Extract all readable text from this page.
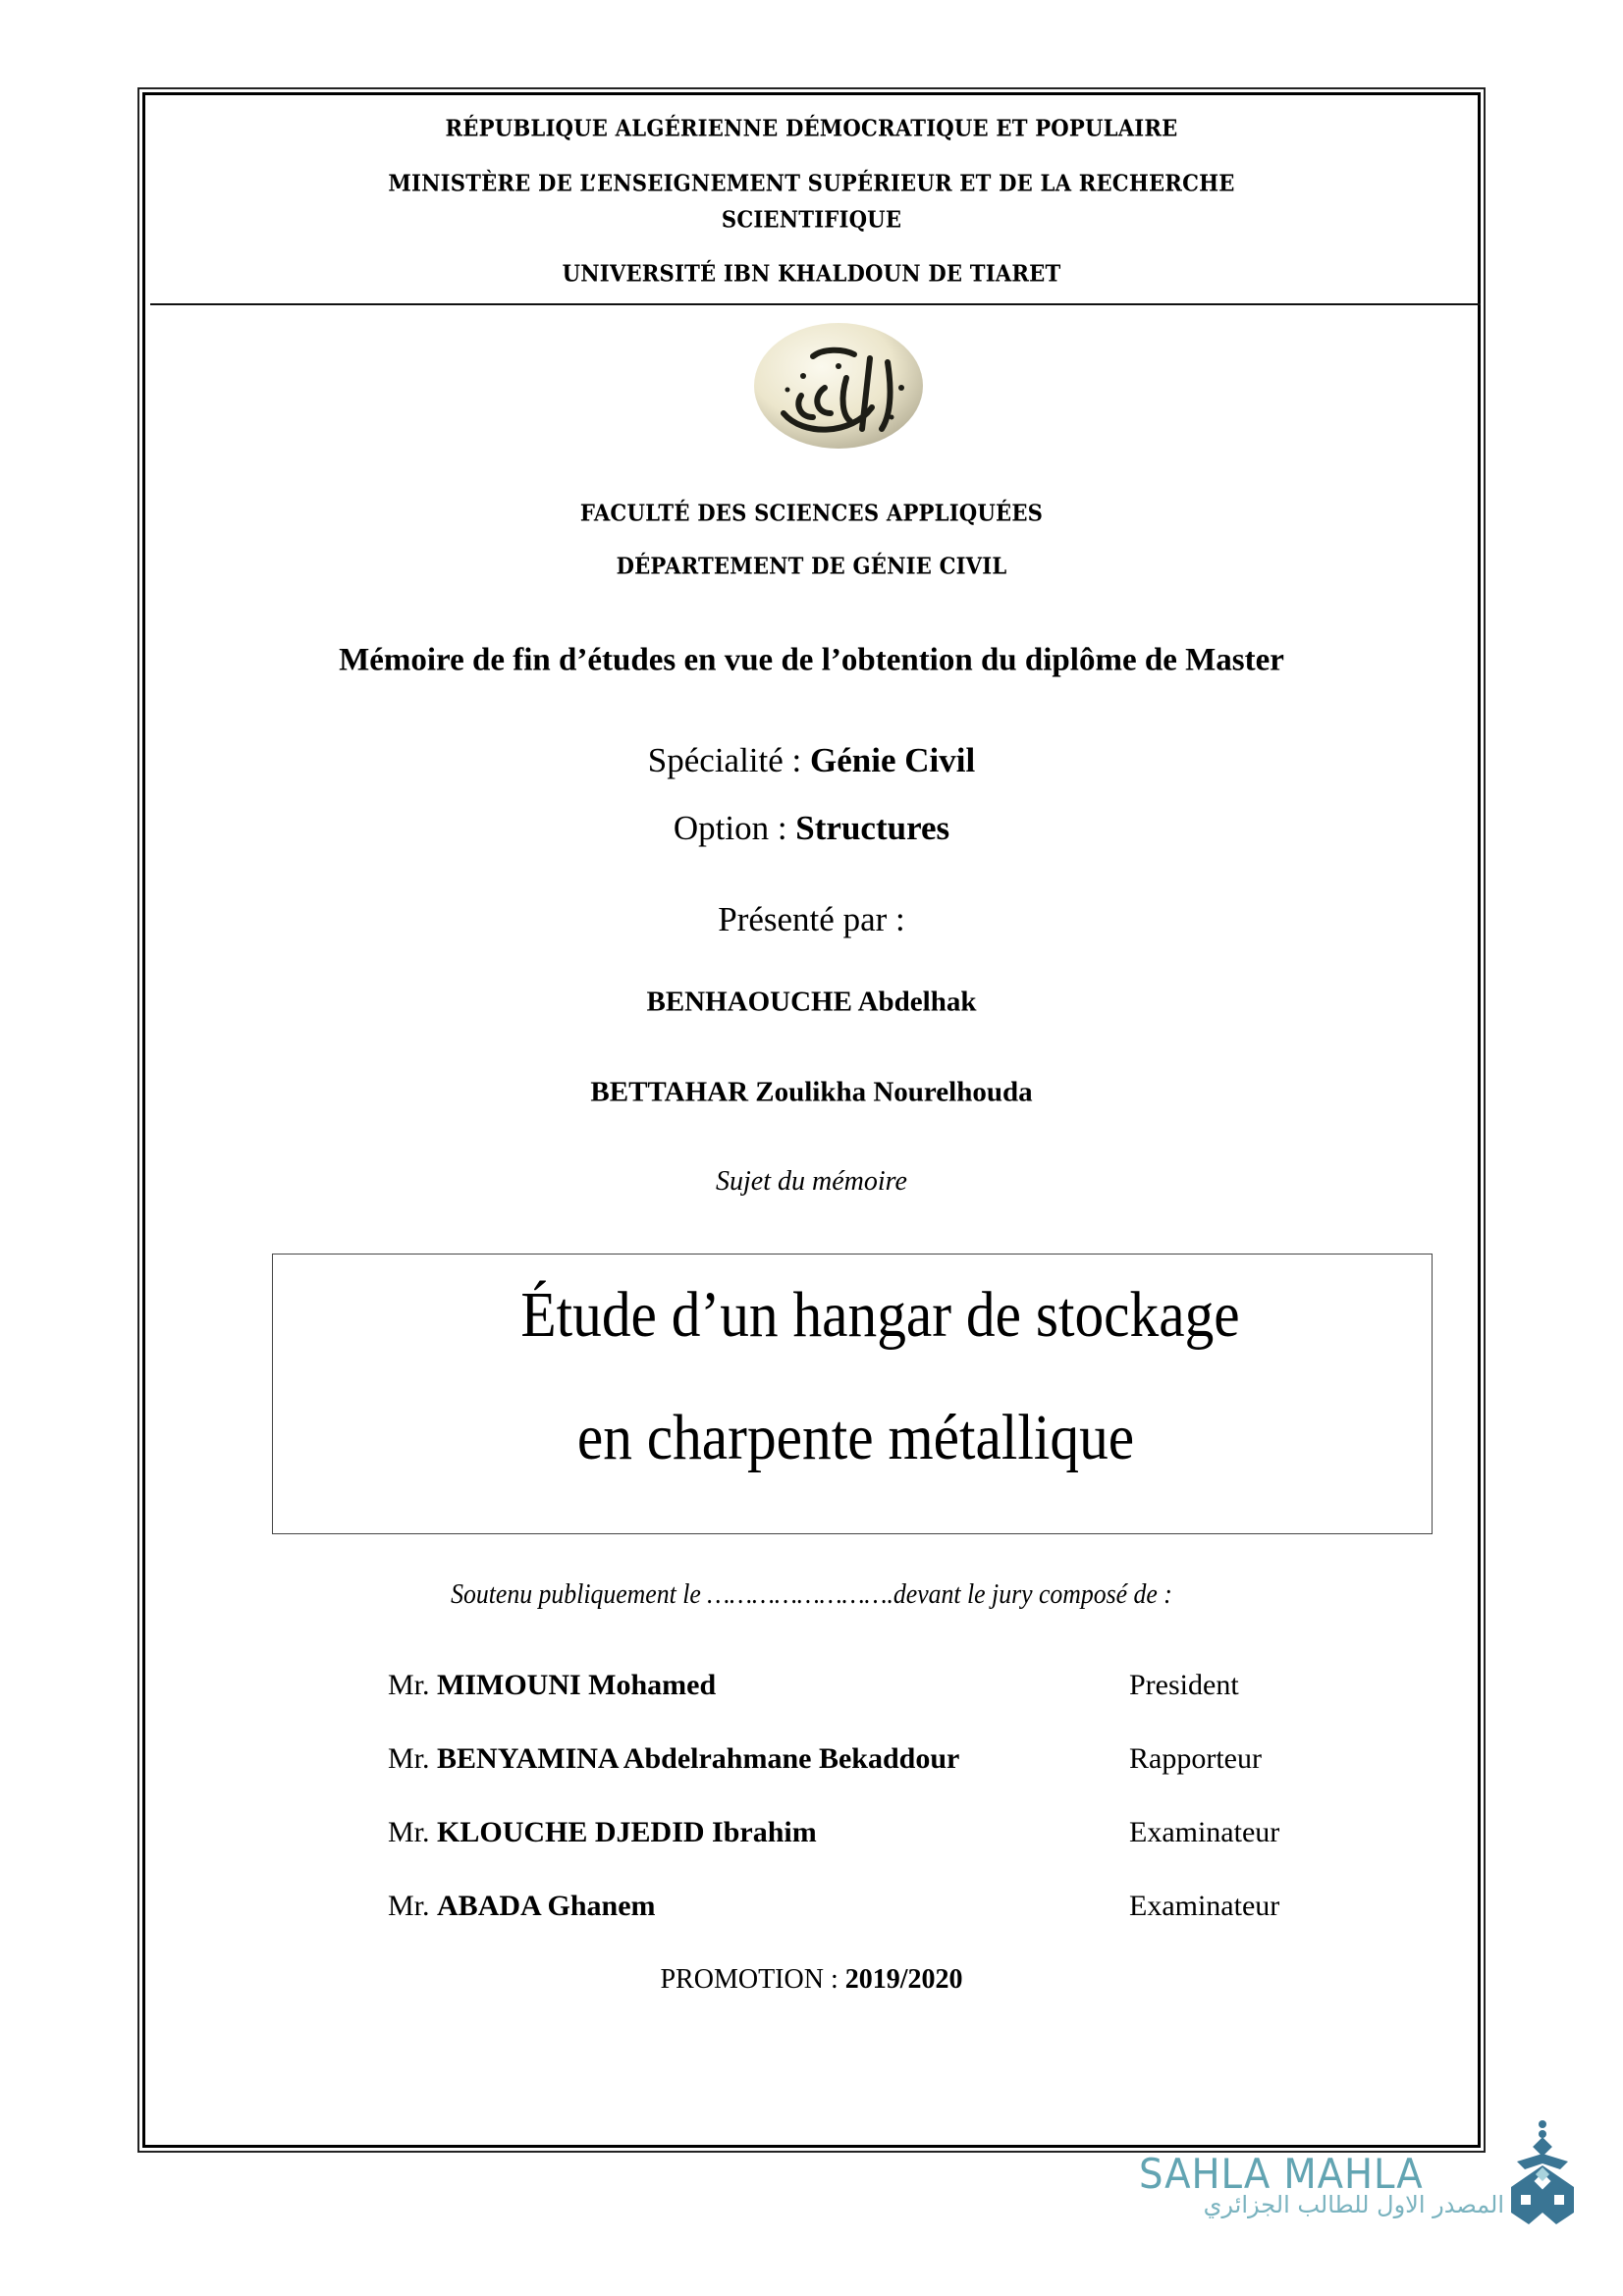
RÉPUBLIQUE ALGÉRIENNE DÉMOCRATIQUE ET POPULAIRE
MINISTÈRE DE L’ENSEIGNEMENT SUPÉRIEUR ET DE LA RECHERCHE
SCIENTIFIQUE
UNIVERSITÉ IBN KHALDOUN DE TIARET
FACULTÉ DES SCIENCES APPLIQUÉES
DÉPARTEMENT DE GÉNIE CIVIL
Mémoire de fin d’études en vue de l’obtention du diplôme de Master
Spécialité : Génie Civil
Option : Structures
Présenté par :
BENHAOUCHE Abdelhak
BETTAHAR Zoulikha Nourelhouda
Sujet du mémoire
Étude d’un hangar de stockage
en charpente métallique
Soutenu publiquement le …………………….devant le jury composé de :
Mr. MIMOUNI Mohamed	President
Mr. BENYAMINA Abdelrahmane Bekaddour	Rapporteur
Mr. KLOUCHE DJEDID Ibrahim	Examinateur
Mr. ABADA Ghanem	Examinateur
PROMOTION : 2019/2020
SAHLA MAHLA
المصدر الاول للطالب الجزائري
